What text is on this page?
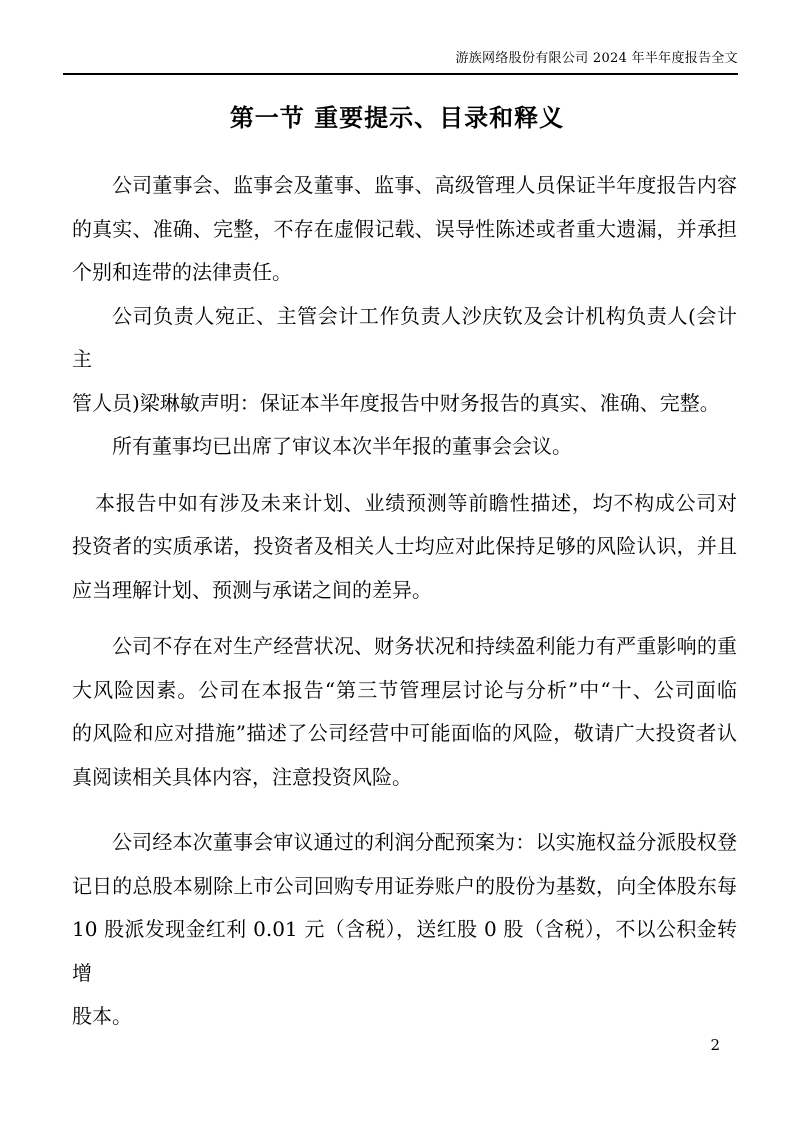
游族网络股份有限公司 2024 年半年度报告全文
第一节 重要提示、目录和释义
公司董事会、监事会及董事、监事、高级管理人员保证半年度报告内容
的真实、准确、完整，不存在虚假记载、误导性陈述或者重大遗漏，并承担
个别和连带的法律责任。
公司负责人宛正、主管会计工作负责人沙庆钦及会计机构负责人(会计主
管人员)梁琳敏声明：保证本半年度报告中财务报告的真实、准确、完整。
所有董事均已出席了审议本次半年报的董事会会议。
本报告中如有涉及未来计划、业绩预测等前瞻性描述，均不构成公司对
投资者的实质承诺，投资者及相关人士均应对此保持足够的风险认识，并且
应当理解计划、预测与承诺之间的差异。
公司不存在对生产经营状况、财务状况和持续盈利能力有严重影响的重
大风险因素。公司在本报告“第三节管理层讨论与分析”中“十、公司面临
的风险和应对措施”描述了公司经营中可能面临的风险，敬请广大投资者认
真阅读相关具体内容，注意投资风险。
公司经本次董事会审议通过的利润分配预案为：以实施权益分派股权登
记日的总股本剔除上市公司回购专用证券账户的股份为基数，向全体股东每
10 股派发现金红利 0.01 元（含税），送红股 0 股（含税），不以公积金转增
股本。
2
